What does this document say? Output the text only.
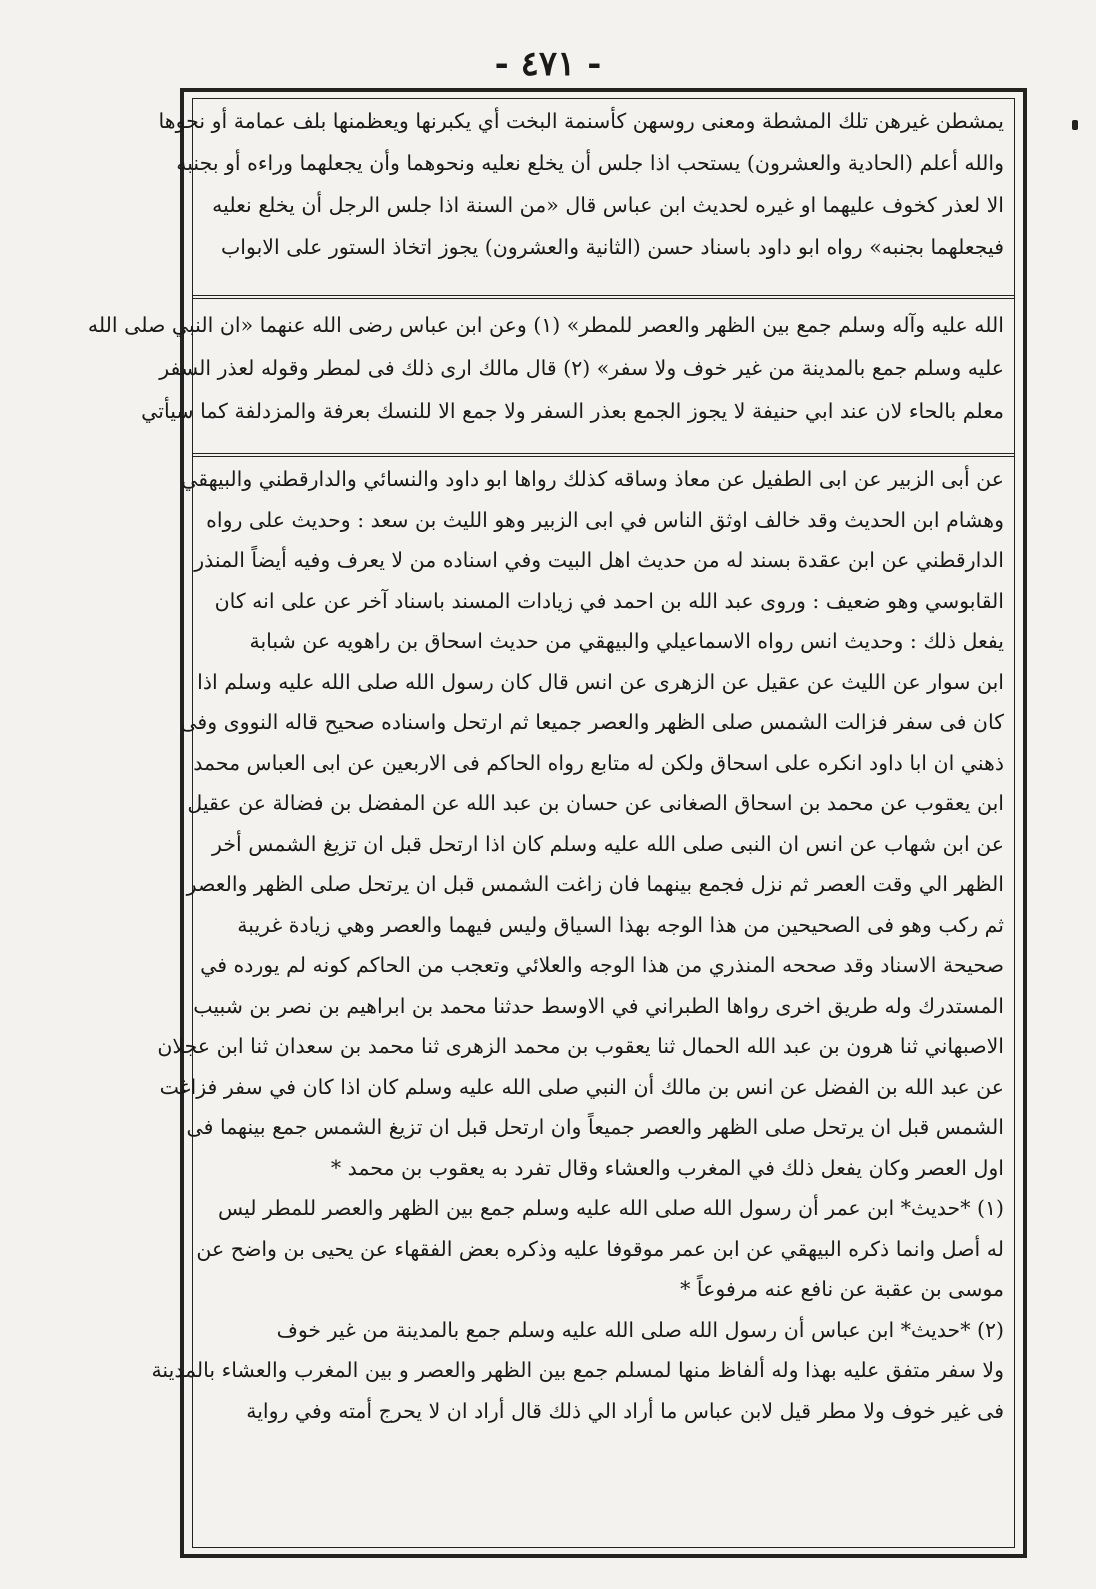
- ٤٧١ -
يمشطن غيرهن تلك المشطة ومعنى روسهن كأسنمة البخت أي يكبرنها ويعظمنها بلف عمامة أو نحوها
والله أعلم (الحادية والعشرون) يستحب اذا جلس أن يخلع نعليه ونحوهما وأن يجعلهما وراءه أو بجنبه
الا لعذر كخوف عليهما او غيره لحديث ابن عباس قال «من السنة اذا جلس الرجل أن يخلع نعليه
فيجعلهما بجنبه» رواه ابو داود باسناد حسن (الثانية والعشرون) يجوز اتخاذ الستور على الابواب
الله عليه وآله وسلم جمع بين الظهر والعصر للمطر» (١) وعن ابن عباس رضى الله عنهما «ان النبي صلى الله
عليه وسلم جمع بالمدينة من غير خوف ولا سفر» (٢) قال مالك ارى ذلك فى لمطر وقوله لعذر السفر
معلم بالحاء لان عند ابي حنيفة لا يجوز الجمع بعذر السفر ولا جمع الا للنسك بعرفة والمزدلفة كما سيأتي
عن أبى الزبير عن ابى الطفيل عن معاذ وساقه كذلك رواها ابو داود والنسائي والدارقطني والبيهقي
وهشام ابن الحديث وقد خالف اوثق الناس في ابى الزبير وهو الليث بن سعد : وحديث على رواه
الدارقطني عن ابن عقدة بسند له من حديث اهل البيت وفي اسناده من لا يعرف وفيه أيضاً المنذر
القابوسي وهو ضعيف : وروى عبد الله بن احمد في زيادات المسند باسناد آخر عن على انه كان
يفعل ذلك : وحديث انس رواه الاسماعيلي والبيهقي من حديث اسحاق بن راهويه عن شبابة
ابن سوار عن الليث عن عقيل عن الزهرى عن انس قال كان رسول الله صلى الله عليه وسلم اذا
كان فى سفر فزالت الشمس صلى الظهر والعصر جميعا ثم ارتحل واسناده صحيح قاله النووى وفى
ذهني ان ابا داود انكره على اسحاق ولكن له متابع رواه الحاكم فى الاربعين عن ابى العباس محمد
ابن يعقوب عن محمد بن اسحاق الصغانى عن حسان بن عبد الله عن المفضل بن فضالة عن عقيل
عن ابن شهاب عن انس ان النبى صلى الله عليه وسلم كان اذا ارتحل قبل ان تزيغ الشمس أخر
الظهر الي وقت العصر ثم نزل فجمع بينهما فان زاغت الشمس قبل ان يرتحل صلى الظهر والعصر
ثم ركب وهو فى الصحيحين من هذا الوجه بهذا السياق وليس فيهما والعصر وهي زيادة غريبة
صحيحة الاسناد وقد صححه المنذري من هذا الوجه والعلائي وتعجب من الحاكم كونه لم يورده في
المستدرك وله طريق اخرى رواها الطبراني في الاوسط حدثنا محمد بن ابراهيم بن نصر بن شبيب
الاصبهاني ثنا هرون بن عبد الله الحمال ثنا يعقوب بن محمد الزهرى ثنا محمد بن سعدان ثنا ابن عجلان
عن عبد الله بن الفضل عن انس بن مالك أن النبي صلى الله عليه وسلم كان اذا كان في سفر فزاغت
الشمس قبل ان يرتحل صلى الظهر والعصر جميعاً وان ارتحل قبل ان تزيغ الشمس جمع بينهما فى
اول العصر وكان يفعل ذلك في المغرب والعشاء وقال تفرد به يعقوب بن محمد *
(١) *حديث* ابن عمر أن رسول الله صلى الله عليه وسلم جمع بين الظهر والعصر للمطر ليس
له أصل وانما ذكره البيهقي عن ابن عمر موقوفا عليه وذكره بعض الفقهاء عن يحيى بن واضح عن
موسى بن عقبة عن نافع عنه مرفوعاً *
(٢) *حديث* ابن عباس أن رسول الله صلى الله عليه وسلم جمع بالمدينة من غير خوف
ولا سفر متفق عليه بهذا وله ألفاظ منها لمسلم جمع بين الظهر والعصر و بين المغرب والعشاء بالمدينة
فى غير خوف ولا مطر قيل لابن عباس ما أراد الي ذلك قال أراد ان لا يحرج أمته وفي رواية
